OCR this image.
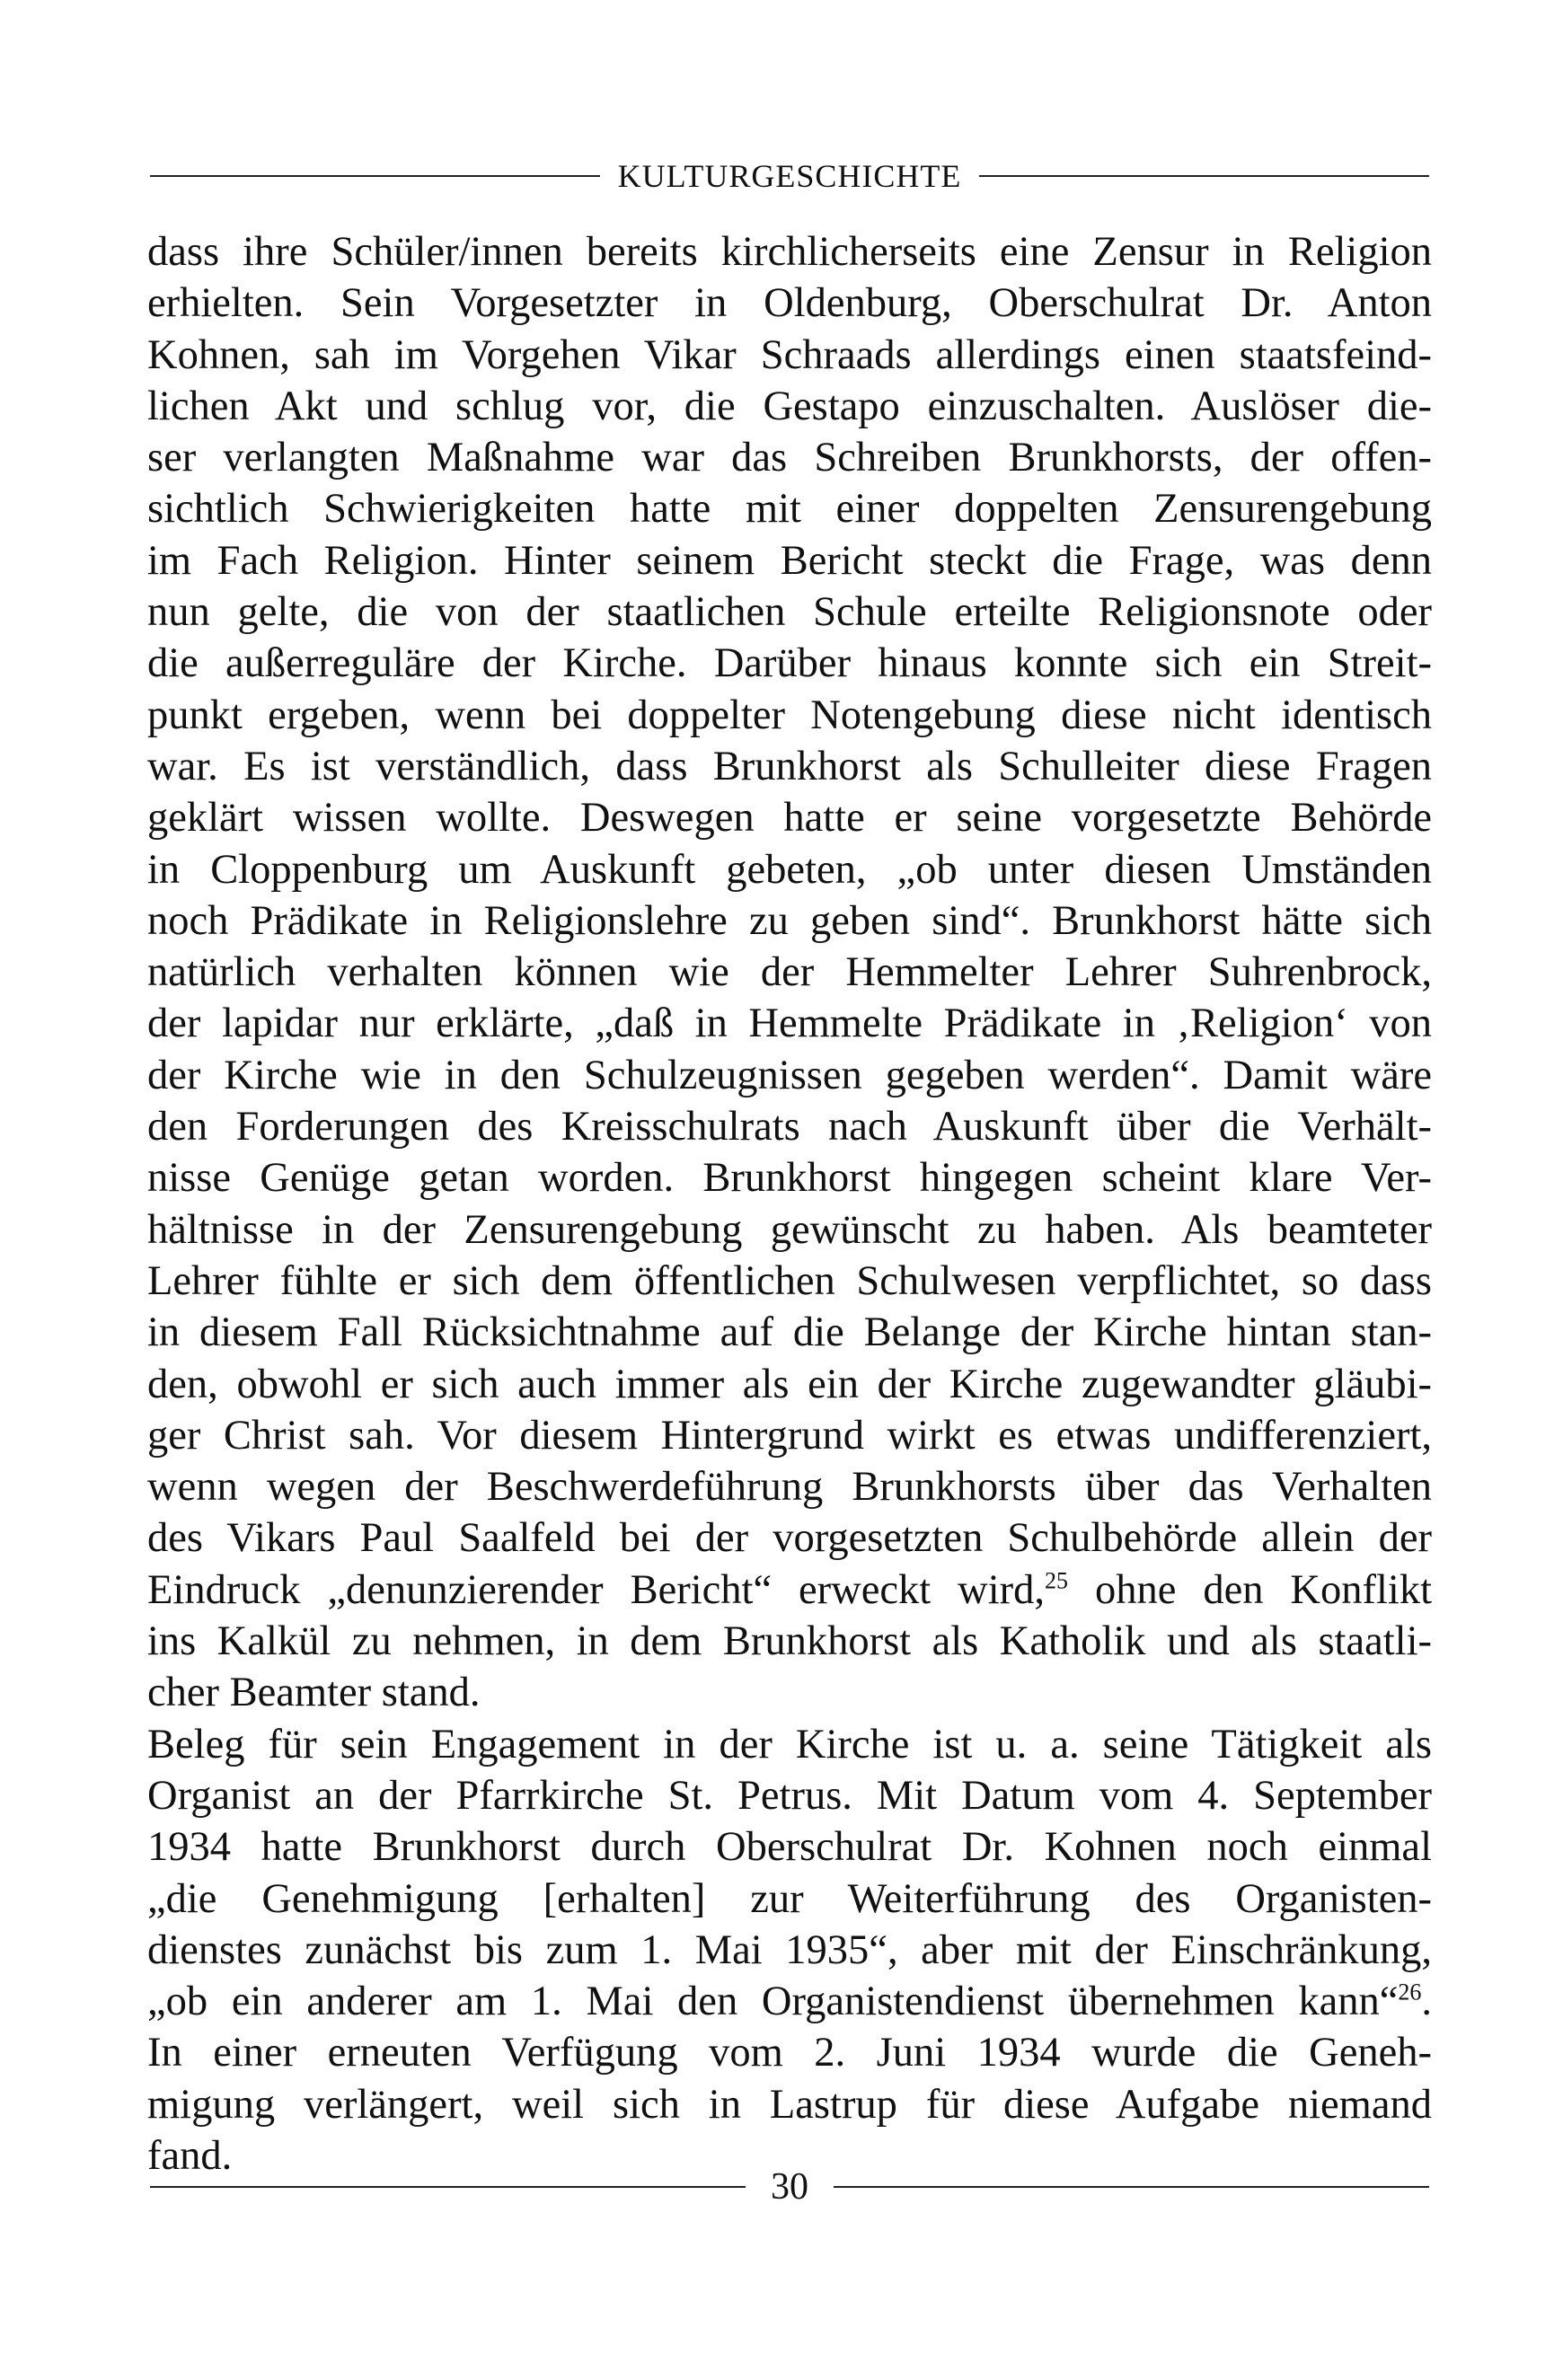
KULTURGESCHICHTE
dass ihre Schüler/innen bereits kirchlicherseits eine Zensur in Religion
erhielten. Sein Vorgesetzter in Oldenburg, Oberschulrat Dr. Anton
Kohnen, sah im Vorgehen Vikar Schraads allerdings einen staatsfeind-
lichen Akt und schlug vor, die Gestapo einzuschalten. Auslöser die-
ser verlangten Maßnahme war das Schreiben Brunkhorsts, der offen-
sichtlich Schwierigkeiten hatte mit einer doppelten Zensurengebung
im Fach Religion. Hinter seinem Bericht steckt die Frage, was denn
nun gelte, die von der staatlichen Schule erteilte Religionsnote oder
die außerreguläre der Kirche. Darüber hinaus konnte sich ein Streit-
punkt ergeben, wenn bei doppelter Notengebung diese nicht identisch
war. Es ist verständlich, dass Brunkhorst als Schulleiter diese Fragen
geklärt wissen wollte. Deswegen hatte er seine vorgesetzte Behörde
in Cloppenburg um Auskunft gebeten, „ob unter diesen Umständen
noch Prädikate in Religionslehre zu geben sind“. Brunkhorst hätte sich
natürlich verhalten können wie der Hemmelter Lehrer Suhrenbrock,
der lapidar nur erklärte, „daß in Hemmelte Prädikate in ‚Religion‘ von
der Kirche wie in den Schulzeugnissen gegeben werden“. Damit wäre
den Forderungen des Kreisschulrats nach Auskunft über die Verhält-
nisse Genüge getan worden. Brunkhorst hingegen scheint klare Ver-
hältnisse in der Zensurengebung gewünscht zu haben. Als beamteter
Lehrer fühlte er sich dem öffentlichen Schulwesen verpflichtet, so dass
in diesem Fall Rücksichtnahme auf die Belange der Kirche hintan stan-
den, obwohl er sich auch immer als ein der Kirche zugewandter gläubi-
ger Christ sah. Vor diesem Hintergrund wirkt es etwas undifferenziert,
wenn wegen der Beschwerdeführung Brunkhorsts über das Verhalten
des Vikars Paul Saalfeld bei der vorgesetzten Schulbehörde allein der
Eindruck „denunzierender Bericht“ erweckt wird,$^{25}$ ohne den Konflikt
ins Kalkül zu nehmen, in dem Brunkhorst als Katholik und als staatli-
cher Beamter stand.
Beleg für sein Engagement in der Kirche ist u. a. seine Tätigkeit als
Organist an der Pfarrkirche St. Petrus. Mit Datum vom 4. September
1934 hatte Brunkhorst durch Oberschulrat Dr. Kohnen noch einmal
„die Genehmigung [erhalten] zur Weiterführung des Organisten-
dienstes zunächst bis zum 1. Mai 1935“, aber mit der Einschränkung,
„ob ein anderer am 1. Mai den Organistendienst übernehmen kann“$^{26}$.
In einer erneuten Verfügung vom 2. Juni 1934 wurde die Geneh-
migung verlängert, weil sich in Lastrup für diese Aufgabe niemand
fand.
30
